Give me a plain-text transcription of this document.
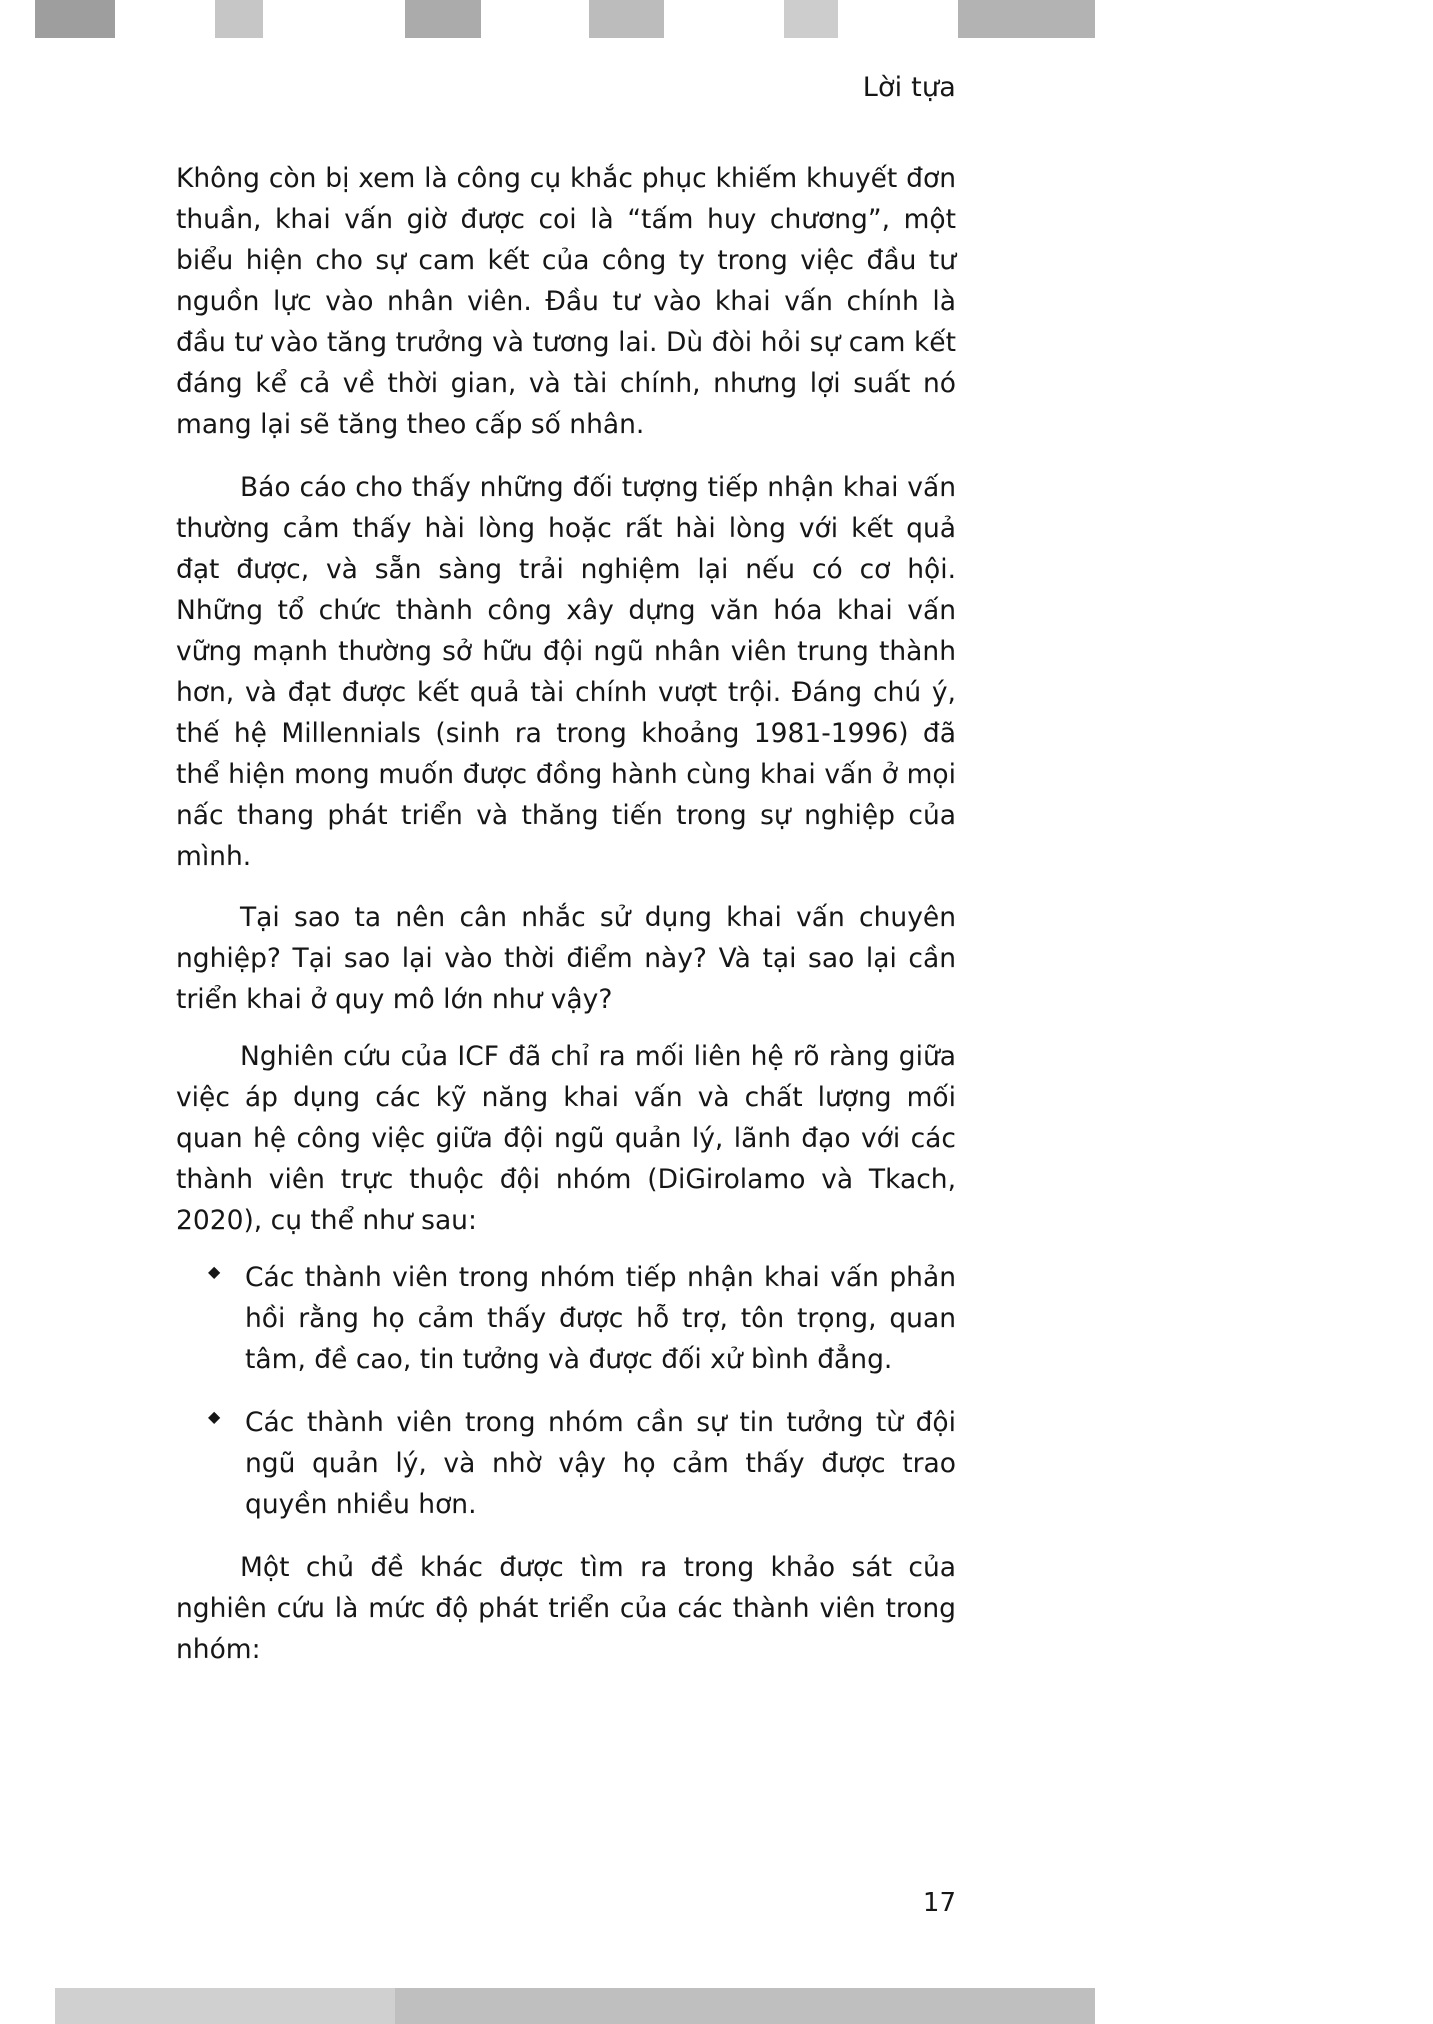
Lời tựa

Không còn bị xem là công cụ khắc phục khiếm khuyết đơn thuần, khai vấn giờ được coi là “tấm huy chương”, một biểu hiện cho sự cam kết của công ty trong việc đầu tư nguồn lực vào nhân viên. Đầu tư vào khai vấn chính là đầu tư vào tăng trưởng và tương lai. Dù đòi hỏi sự cam kết đáng kể cả về thời gian, và tài chính, nhưng lợi suất nó mang lại sẽ tăng theo cấp số nhân.

Báo cáo cho thấy những đối tượng tiếp nhận khai vấn thường cảm thấy hài lòng hoặc rất hài lòng với kết quả đạt được, và sẵn sàng trải nghiệm lại nếu có cơ hội. Những tổ chức thành công xây dựng văn hóa khai vấn vững mạnh thường sở hữu đội ngũ nhân viên trung thành hơn, và đạt được kết quả tài chính vượt trội. Đáng chú ý, thế hệ Millennials (sinh ra trong khoảng 1981-1996) đã thể hiện mong muốn được đồng hành cùng khai vấn ở mọi nấc thang phát triển và thăng tiến trong sự nghiệp của mình.

Tại sao ta nên cân nhắc sử dụng khai vấn chuyên nghiệp? Tại sao lại vào thời điểm này? Và tại sao lại cần triển khai ở quy mô lớn như vậy?

Nghiên cứu của ICF đã chỉ ra mối liên hệ rõ ràng giữa việc áp dụng các kỹ năng khai vấn và chất lượng mối quan hệ công việc giữa đội ngũ quản lý, lãnh đạo với các thành viên trực thuộc đội nhóm (DiGirolamo và Tkach, 2020), cụ thể như sau:

◆ Các thành viên trong nhóm tiếp nhận khai vấn phản hồi rằng họ cảm thấy được hỗ trợ, tôn trọng, quan tâm, đề cao, tin tưởng và được đối xử bình đẳng.
◆ Các thành viên trong nhóm cần sự tin tưởng từ đội ngũ quản lý, và nhờ vậy họ cảm thấy được trao quyền nhiều hơn.

Một chủ đề khác được tìm ra trong khảo sát của nghiên cứu là mức độ phát triển của các thành viên trong nhóm:

17
